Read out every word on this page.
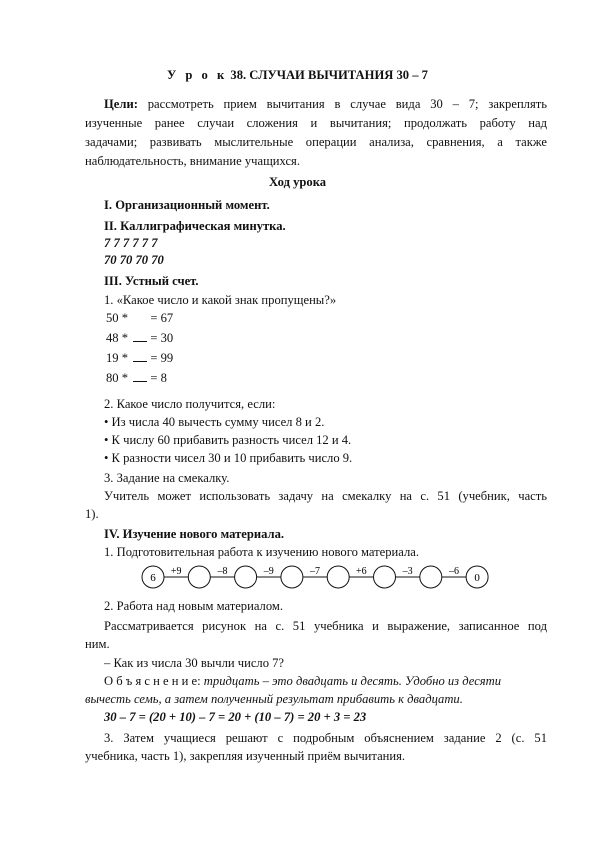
У р о к 38. СЛУЧАИ ВЫЧИТАНИЯ 30 – 7
Цели: рассмотреть прием вычитания в случае вида 30 – 7; закреплять
изученные ранее случаи сложения и вычитания; продолжать работу над
задачами; развивать мыслительные операции анализа, сравнения, а также
наблюдательность, внимание учащихся.
Ход урока
I. Организационный момент.
II. Каллиграфическая минутка.
7 7 7 7 7 7
70 70 70 70
III. Устный счет.
1. «Какое число и какой знак пропущены?»
50 * = 67
48 * = 30
19 * = 99
80 * = 8
2. Какое число получится, если:
• Из числа 40 вычесть сумму чисел 8 и 2.
• К числу 60 прибавить разность чисел 12 и 4.
• К разности чисел 30 и 10 прибавить число 9.
3. Задание на смекалку.
Учитель может использовать задачу на смекалку на с. 51 (учебник, часть
1).
IV. Изучение нового материала.
1. Подготовительная работа к изучению нового материала.
+9	–8	–9	–7	+6	–3	–6
6	0
2. Работа над новым материалом.
Рассматривается рисунок на с. 51 учебника и выражение, записанное под
ним.
– Как из числа 30 вычли число 7?
О б ъ я с н е н и е: тридцать – это двадцать и десять. Удобно из десяти
вычесть семь, а затем полученный результат прибавить к двадцати.
30 – 7 = (20 + 10) – 7 = 20 + (10 – 7) = 20 + 3 = 23
3. Затем учащиеся решают с подробным объяснением задание 2 (с. 51
учебника, часть 1), закрепляя изученный приём вычитания.
